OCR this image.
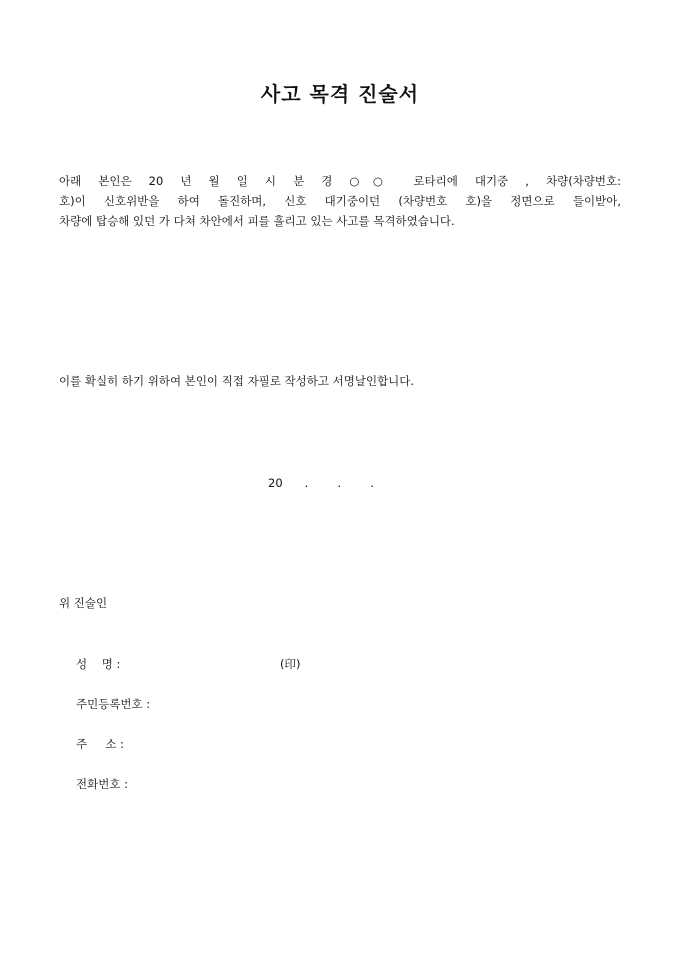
사고 목격 진술서
아래 본인은 20 년 월 일 시 분 경 ○○ 로타리에 대기중 , 차량(차량번호:
호)이 신호위반을 하여 돌진하며, 신호 대기중이던 (차량번호 호)을 정면으로 들이받아,
차량에 탑승해 있던 가 다쳐 차안에서 피를 흘리고 있는 사고를 목격하였습니다.
이를 확실히 하기 위하여 본인이 직접 자필로 작성하고 서명날인합니다.
20      .        .        .
위 진술인
성    명 :	(印)
주민등록번호 :
주     소 :
전화번호 :
